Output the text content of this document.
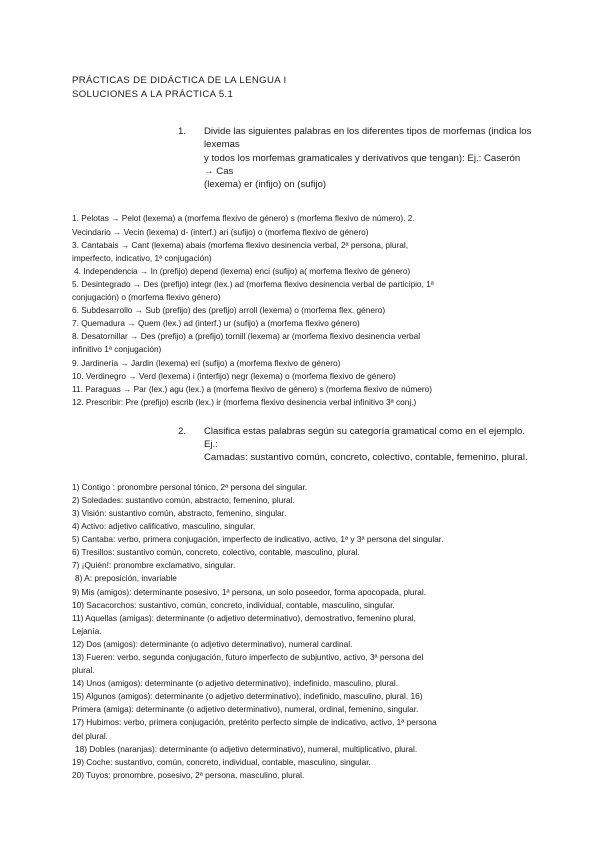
PRÁCTICAS DE DIDÁCTICA DE LA LENGUA I
SOLUCIONES A LA PRÁCTICA 5.1
1.	Divide las siguientes palabras en los diferentes tipos de morfemas (indica los lexemas
y todos los morfemas gramaticales y derivativos que tengan): Ej.: Caserón → Cas
(lexema) er (infijo) on (sufijo)
1. Pelotas → Pelot (lexema) a (morfema flexivo de género) s (morfema flexivo de número). 2.
Vecindario → Vecin (lexema) d- (interf.) ari (sufijo) o (morfema flexivo de género)
3. Cantabais → Cant (lexema) abais (morfema flexivo desinencia verbal, 2ª persona, plural,
imperfecto, indicativo, 1ª conjugación)
4. Independencia → In (prefijo) depend (lexema) enci (sufijo) a( morfema flexivo de género)
5. Desintegrado → Des (prefijo) integr (lex.) ad (morfema flexivo desinencia verbal de participio, 1ª
conjugación) o (morfema flexivo género)
6. Subdesarrollo → Sub (prefijo) des (prefijo) arroll (lexema) o (morfema flex. género)
7. Quemadura → Quem (lex.) ad (interf.) ur (sufijo) a (morfema flexivo género)
8. Desatornillar → Des (prefijo) a (prefijo) tornill (lexema) ar (morfema flexivo desinencia verbal
infinitivo 1ª conjugación)
9. Jardinería → Jardin (lexema) erí (sufijo) a (morfema flexivo de género)
10. Verdinegro → Verd (lexema) i (interfijo) negr (lexema) o (morfema flexivo de género)
11. Paraguas → Par (lex.) agu (lex.) a (morfema flexivo de género) s (morfema flexivo de número)
12. Prescribir: Pre (prefijo) escrib (lex.) ir (morfema flexivo desinencia verbal infinitivo 3ª conj.)
2.	Clasifica estas palabras según su categoría gramatical como en el ejemplo. Ej.:
Camadas: sustantivo común, concreto, colectivo, contable, femenino, plural.
1) Contigo : pronombre personal tónico, 2ª persona del singular.
2) Soledades: sustantivo común, abstracto, femenino, plural.
3) Visión: sustantivo común, abstracto, femenino, singular.
4) Activo: adjetivo calificativo, masculino, singular.
5) Cantaba: verbo, primera conjugación, imperfecto de indicativo, activo, 1ª y 3ª persona del singular.
6) Tresillos: sustantivo común, concreto, colectivo, contable, masculino, plural.
7) ¡Quién!: pronombre exclamativo, singular.
8) A: preposición, invariable
9) Mis (amigos): determinante posesivo, 1ª persona, un solo poseedor, forma apocopada, plural.
10) Sacacorchos: sustantivo, común, concreto, individual, contable, masculino, singular.
11) Aquellas (amigas): determinante (o adjetivo determinativo), demostrativo, femenino plural,
Lejanía.
12) Dos (amigos): determinante (o adjetivo determinativo), numeral cardinal.
13) Fueren: verbo, segunda conjugación, futuro imperfecto de subjuntivo, activo, 3ª persona del
plural.
14) Unos (amigos): determinante (o adjetivo determinativo), indefinido, masculino, plural.
15) Algunos (amigos): determinante (o adjetivo determinativo), indefinido, masculino, plural. 16)
Primera (amiga): determinante (o adjetivo determinativo), numeral, ordinal, femenino, singular.
17) Hubimos: verbo, primera conjugación, pretérito perfecto simple de indicativo, activo, 1ª persona
del plural.
18) Dobles (naranjas): determinante (o adjetivo determinativo), numeral, multiplicativo, plural.
19) Coche: sustantivo, común, concreto, individual, contable, masculino, singular.
20) Tuyos: pronombre, posesivo, 2ª persona, masculino, plural.
